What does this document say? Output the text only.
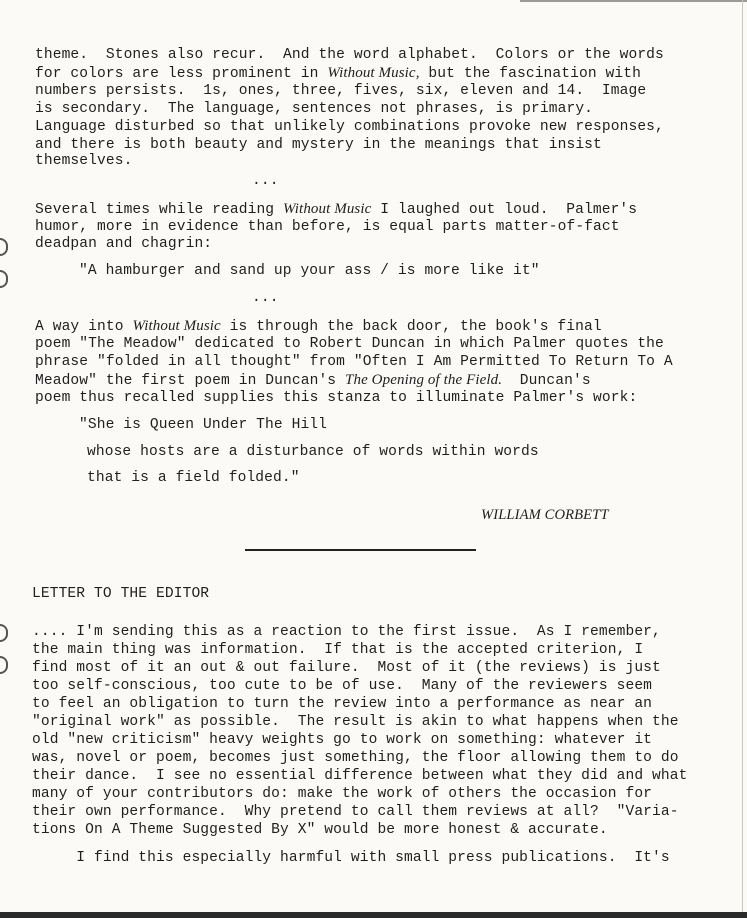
theme.  Stones also recur.  And the word alphabet.  Colors or the words
for colors are less prominent in Without Music, but the fascination with
numbers persists.  1s, ones, three, fives, six, eleven and 14.  Image
is secondary.  The language, sentences not phrases, is primary.
Language disturbed so that unlikely combinations provoke new responses,
and there is both beauty and mystery in the meanings that insist
themselves.
...
Several times while reading Without Music I laughed out loud.  Palmer's
humor, more in evidence than before, is equal parts matter-of-fact
deadpan and chagrin:
"A hamburger and sand up your ass / is more like it"
...
A way into Without Music is through the back door, the book's final
poem "The Meadow" dedicated to Robert Duncan in which Palmer quotes the
phrase "folded in all thought" from "Often I Am Permitted To Return To A
Meadow" the first poem in Duncan's The Opening of the Field.  Duncan's
poem thus recalled supplies this stanza to illuminate Palmer's work:
"She is Queen Under The Hill
whose hosts are a disturbance of words within words
that is a field folded."
WILLIAM CORBETT
LETTER TO THE EDITOR
.... I'm sending this as a reaction to the first issue.  As I remember,
the main thing was information.  If that is the accepted criterion, I
find most of it an out & out failure.  Most of it (the reviews) is just
too self-conscious, too cute to be of use.  Many of the reviewers seem
to feel an obligation to turn the review into a performance as near an
"original work" as possible.  The result is akin to what happens when the
old "new criticism" heavy weights go to work on something: whatever it
was, novel or poem, becomes just something, the floor allowing them to do
their dance.  I see no essential difference between what they did and what
many of your contributors do: make the work of others the occasion for
their own performance.  Why pretend to call them reviews at all?  "Varia-
tions On A Theme Suggested By X" would be more honest & accurate.
I find this especially harmful with small press publications.  It's
